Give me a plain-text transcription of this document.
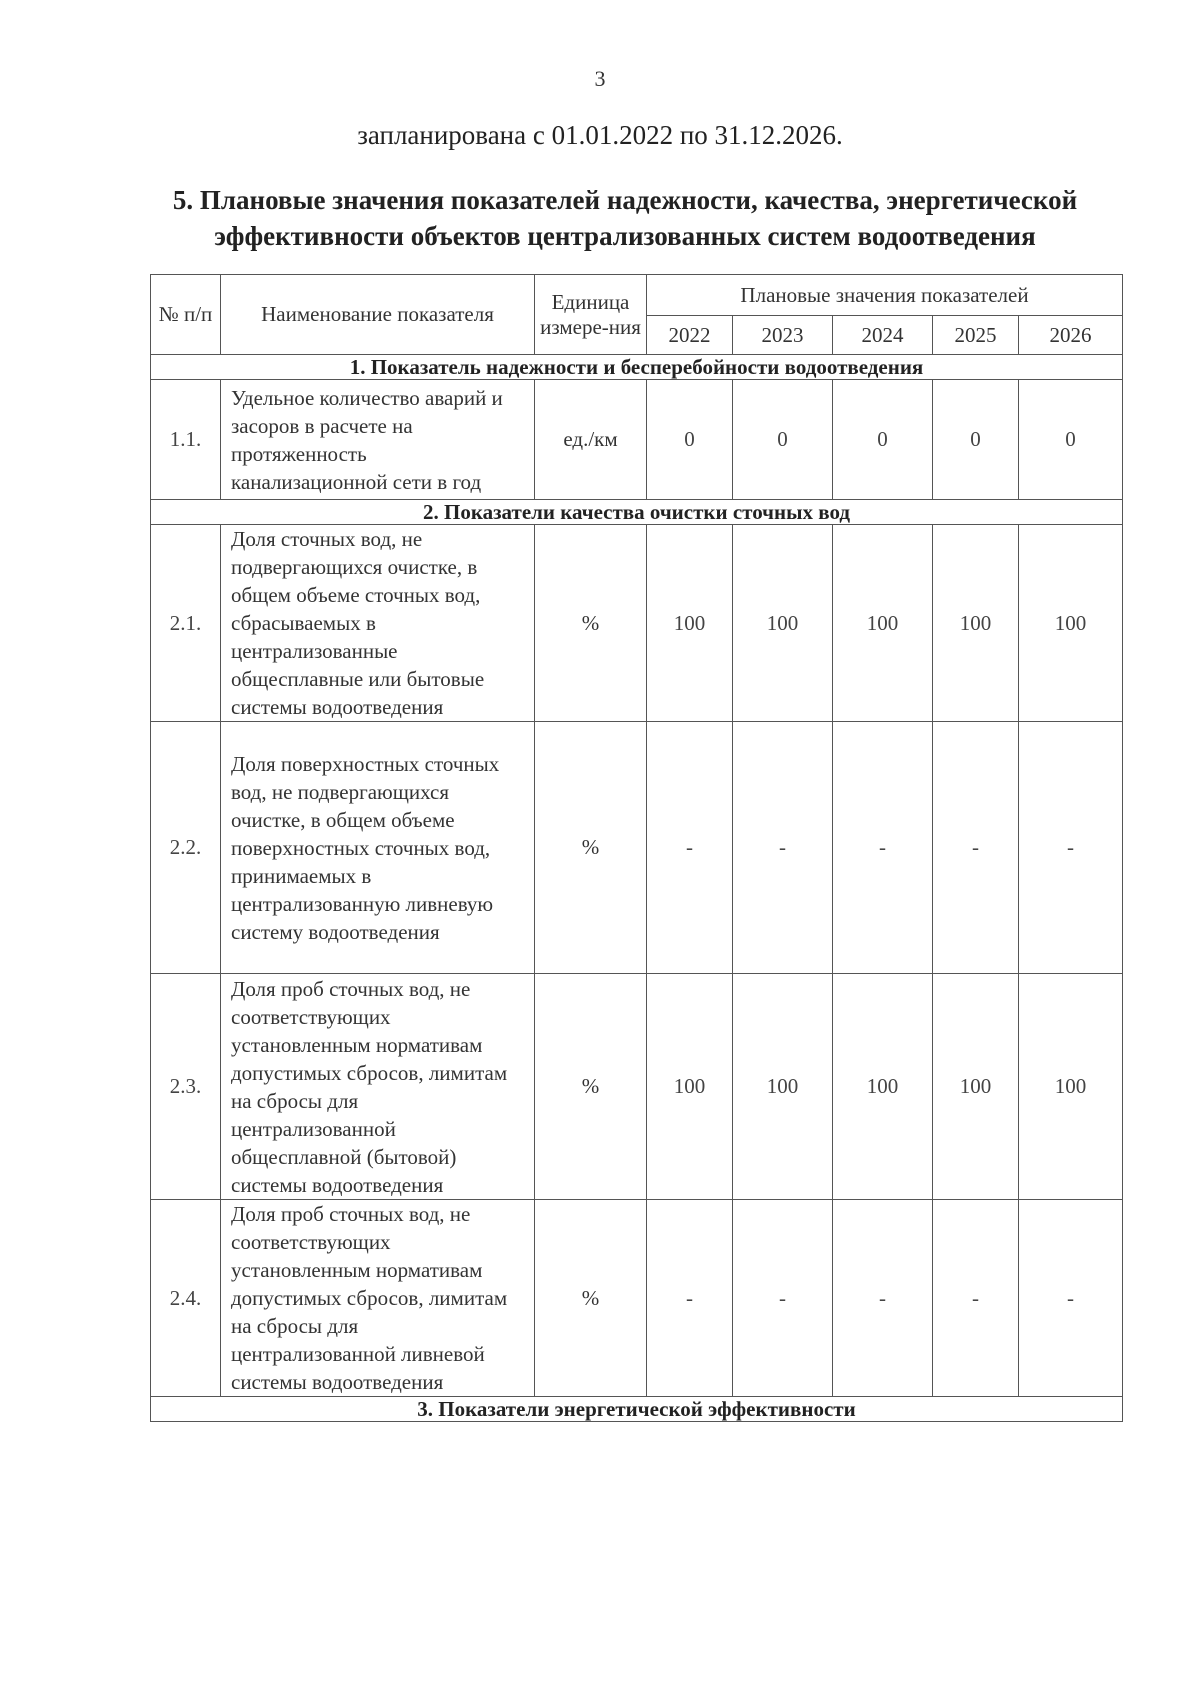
3
запланирована с 01.01.2022 по 31.12.2026.
5. Плановые значения показателей надежности, качества, энергетической
эффективности объектов централизованных систем водоотведения
№ п/п	Наименование показателя	Единица измере-ния	Плановые значения показателей				
			2022	2023	2024	2025	2026
1. Показатель надежности и бесперебойности водоотведения							
1.1.	Удельное количество аварий и засоров в расчете на протяженность канализационной сети в год	ед./км	0	0	0	0	0
2. Показатели качества очистки сточных вод							
2.1.	Доля сточных вод, не подвергающихся очистке, в общем объеме сточных вод, сбрасываемых в централизованные общесплавные или бытовые системы водоотведения	%	100	100	100	100	100
2.2.	Доля поверхностных сточных вод, не подвергающихся очистке, в общем объеме поверхностных сточных вод, принимаемых в централизованную ливневую систему водоотведения	%	-	-	-	-	-
2.3.	Доля проб сточных вод, не соответствующих установленным нормативам допустимых сбросов, лимитам на сбросы для централизованной общесплавной (бытовой) системы водоотведения	%	100	100	100	100	100
2.4.	Доля проб сточных вод, не соответствующих установленным нормативам допустимых сбросов, лимитам на сбросы для централизованной ливневой системы водоотведения	%	-	-	-	-	-
3. Показатели энергетической эффективности							
